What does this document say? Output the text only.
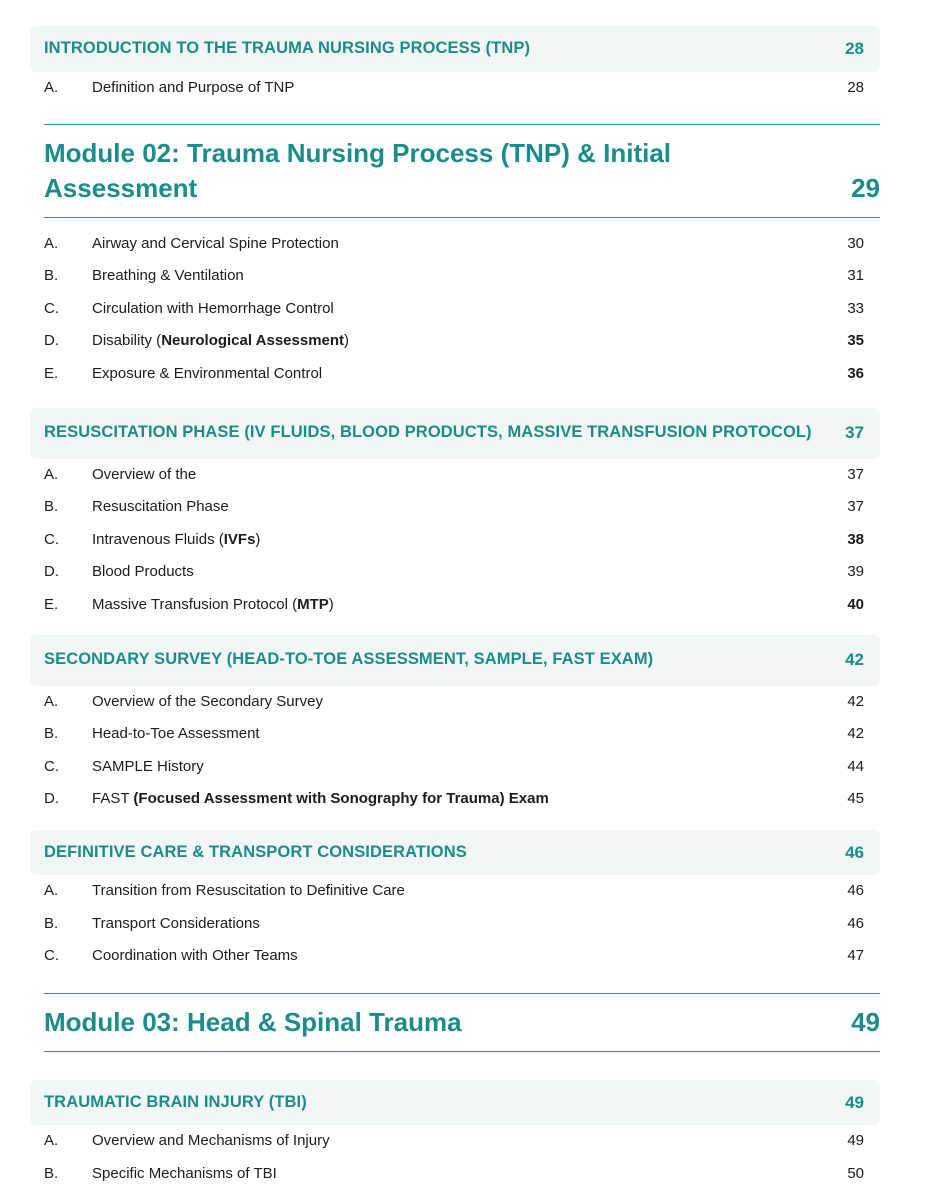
INTRODUCTION TO THE TRAUMA NURSING PROCESS (TNP)	28
A.	Definition and Purpose of TNP	28
Module 02: Trauma Nursing Process (TNP) & Initial Assessment	29
A.	Airway and Cervical Spine Protection	30
B.	Breathing & Ventilation	31
C.	Circulation with Hemorrhage Control	33
D.	Disability (Neurological Assessment)	35
E.	Exposure & Environmental Control	36
RESUSCITATION PHASE (IV FLUIDS, BLOOD PRODUCTS, MASSIVE TRANSFUSION PROTOCOL)	37
A.	Overview of the	37
B.	Resuscitation Phase	37
C.	Intravenous Fluids (IVFs)	38
D.	Blood Products	39
E.	Massive Transfusion Protocol (MTP)	40
SECONDARY SURVEY (HEAD-TO-TOE ASSESSMENT, SAMPLE, FAST EXAM)	42
A.	Overview of the Secondary Survey	42
B.	Head-to-Toe Assessment	42
C.	SAMPLE History	44
D.	FAST (Focused Assessment with Sonography for Trauma) Exam	45
DEFINITIVE CARE & TRANSPORT CONSIDERATIONS	46
A.	Transition from Resuscitation to Definitive Care	46
B.	Transport Considerations	46
C.	Coordination with Other Teams	47
Module 03: Head & Spinal Trauma	49
TRAUMATIC BRAIN INJURY (TBI)	49
A.	Overview and Mechanisms of Injury	49
B.	Specific Mechanisms of TBI	50
